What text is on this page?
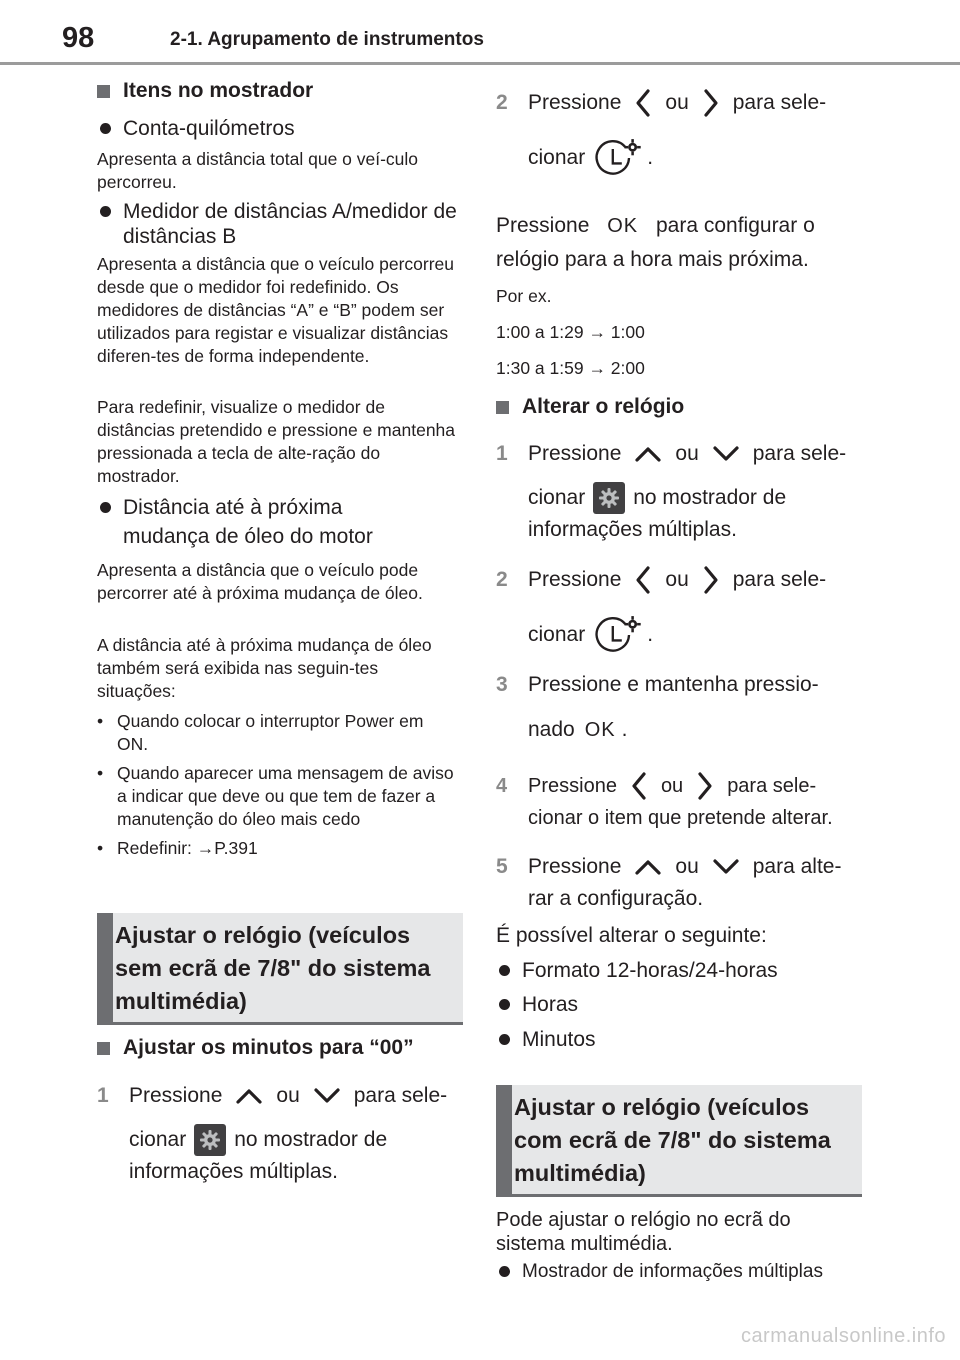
98	2-1. Agrupamento de instrumentos
Itens no mostrador
Conta-quilómetros
Apresenta a distância total que o veí-culo percorreu.
Medidor de distâncias A/medidor de distâncias B
Apresenta a distância que o veículo percorreu desde que o medidor foi redefinido. Os medidores de distâncias “A” e “B” podem ser utilizados para registar e visualizar distâncias diferen-tes de forma independente.
Para redefinir, visualize o medidor de distâncias pretendido e pressione e mantenha pressionada a tecla de alte-ração do mostrador.
Distância até à próxima mudança de óleo do motor
Apresenta a distância que o veículo pode percorrer até à próxima mudança de óleo.
A distância até à próxima mudança de óleo também será exibida nas seguin-tes situações:
• Quando colocar o interruptor Power em ON.
• Quando aparecer uma mensagem de aviso a indicar que deve ou que tem de fazer a manutenção do óleo mais cedo
• Redefinir: →P.391
Ajustar o relógio (veículos sem ecrã de 7/8" do sistema multimédia)
Ajustar os minutos para “00”
1 Pressione	ou	para sele-
cionar no mostrador de
informações múltiplas.
2 Pressione ou para sele-
cionar	.
Pressione OK para configurar o
relógio para a hora mais próxima.
Por ex.
1:00 a 1:29 → 1:00
1:30 a 1:59 → 2:00
Alterar o relógio
1 Pressione	ou	para sele-
cionar no mostrador de
informações múltiplas.
2 Pressione ou para sele-
cionar	.
3 Pressione e mantenha pressio-
nado OK .
4	Pressione ou para sele-
cionar o item que pretende alterar.
5 Pressione	ou	para alte-
rar a configuração.
É possível alterar o seguinte:
Formato 12-horas/24-horas
Horas
Minutos
Ajustar o relógio (veículos com ecrã de 7/8" do sistema multimédia)
Pode ajustar o relógio no ecrã do sistema multimédia.
Mostrador de informações múltiplas
carmanualsonline.info
